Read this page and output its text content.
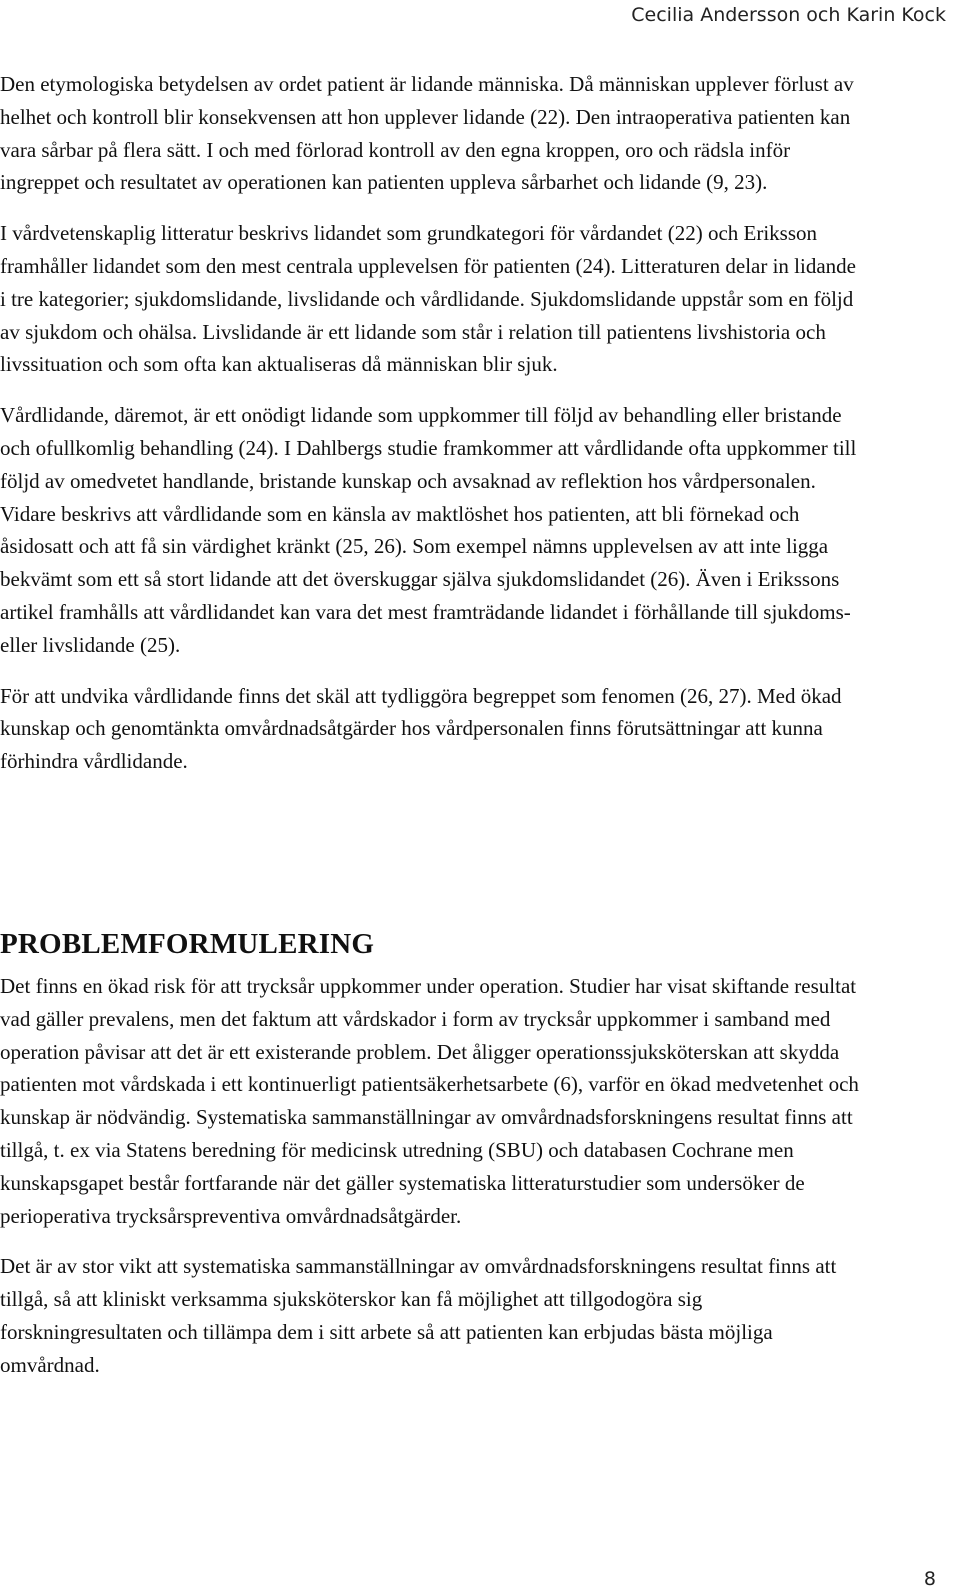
Cecilia Andersson och Karin Kock

Den etymologiska betydelsen av ordet patient är lidande människa. Då människan upplever förlust av helhet och kontroll blir konsekvensen att hon upplever lidande (22). Den intraoperativa patienten kan vara sårbar på flera sätt. I och med förlorad kontroll av den egna kroppen, oro och rädsla inför ingreppet och resultatet av operationen kan patienten uppleva sårbarhet och lidande (9, 23).

I vårdvetenskaplig litteratur beskrivs lidandet som grundkategori för vårdandet (22) och Eriksson framhåller lidandet som den mest centrala upplevelsen för patienten (24). Litteraturen delar in lidande i tre kategorier; sjukdomslidande, livslidande och vårdlidande. Sjukdomslidande uppstår som en följd av sjukdom och ohälsa. Livslidande är ett lidande som står i relation till patientens livshistoria och livssituation och som ofta kan aktualiseras då människan blir sjuk.

Vårdlidande, däremot, är ett onödigt lidande som uppkommer till följd av behandling eller bristande och ofullkomlig behandling (24). I Dahlbergs studie framkommer att vårdlidande ofta uppkommer till följd av omedvetet handlande, bristande kunskap och avsaknad av reflektion hos vårdpersonalen. Vidare beskrivs att vårdlidande som en känsla av maktlöshet hos patienten, att bli förnekad och åsidosatt och att få sin värdighet kränkt (25, 26). Som exempel nämns upplevelsen av att inte ligga bekvämt som ett så stort lidande att det överskuggar själva sjukdomslidandet (26). Även i Erikssons artikel framhålls att vårdlidandet kan vara det mest framträdande lidandet i förhållande till sjukdoms- eller livslidande (25).

För att undvika vårdlidande finns det skäl att tydliggöra begreppet som fenomen (26, 27). Med ökad kunskap och genomtänkta omvårdnadsåtgärder hos vårdpersonalen finns förutsättningar att kunna förhindra vårdlidande.

PROBLEMFORMULERING

Det finns en ökad risk för att trycksår uppkommer under operation. Studier har visat skiftande resultat vad gäller prevalens, men det faktum att vårdskador i form av trycksår uppkommer i samband med operation påvisar att det är ett existerande problem. Det åligger operationssjuksköterskan att skydda patienten mot vårdskada i ett kontinuerligt patientsäkerhetsarbete (6), varför en ökad medvetenhet och kunskap är nödvändig. Systematiska sammanställningar av omvårdnadsforskningens resultat finns att tillgå, t. ex via Statens beredning för medicinsk utredning (SBU) och databasen Cochrane men kunskapsgapet består fortfarande när det gäller systematiska litteraturstudier som undersöker de perioperativa trycksårspreventiva omvårdnadsåtgärder.

Det är av stor vikt att systematiska sammanställningar av omvårdnadsforskningens resultat finns att tillgå, så att kliniskt verksamma sjuksköterskor kan få möjlighet att tillgodogöra sig forskningresultaten och tillämpa dem i sitt arbete så att patienten kan erbjudas bästa möjliga omvårdnad.

8
